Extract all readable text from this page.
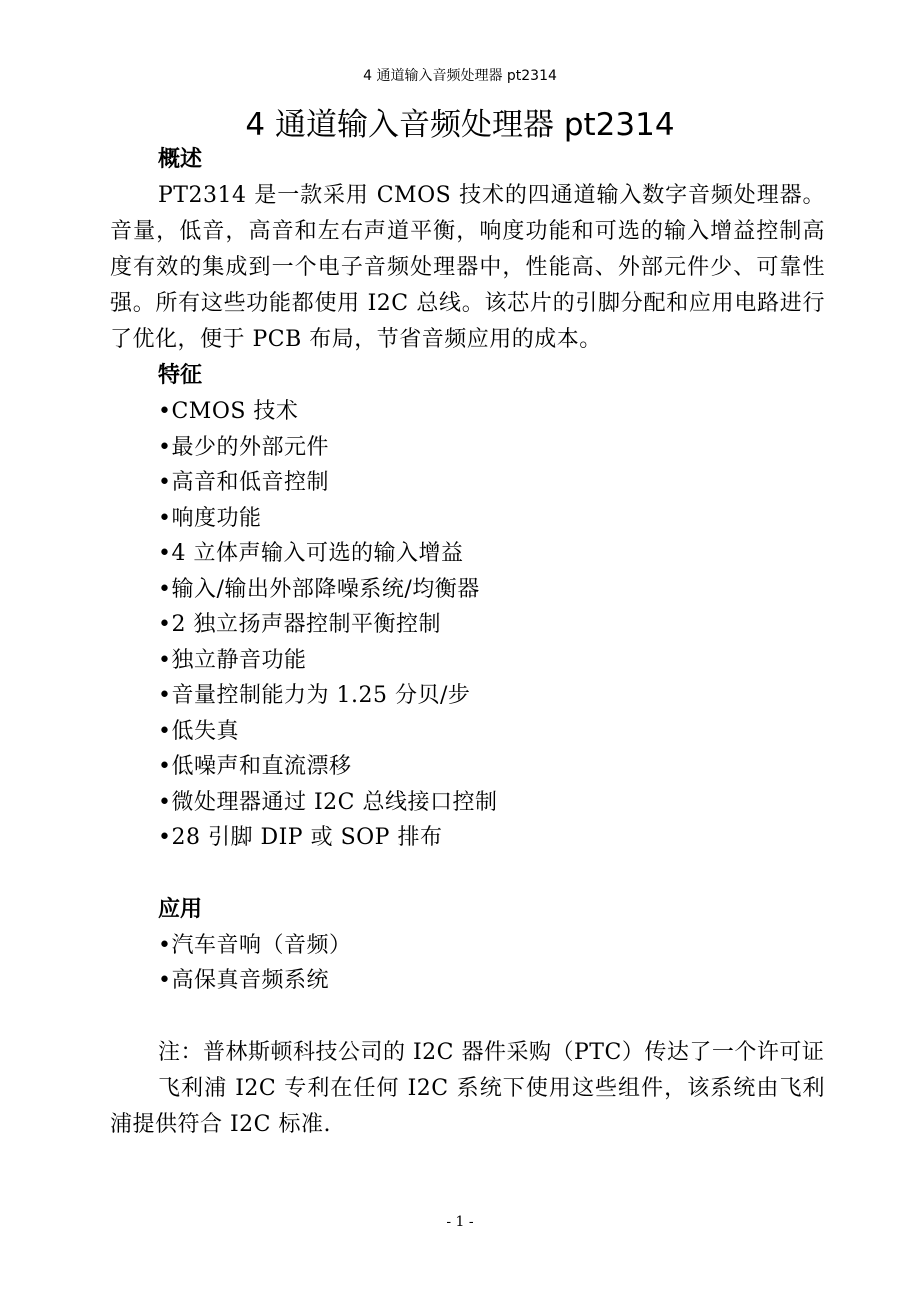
4 通道输入音频处理器 pt2314
4 通道输入音频处理器 pt2314
概述

PT2314 是一款采用 CMOS 技术的四通道输入数字音频处理器。音量，低音，高音和左右声道平衡，响度功能和可选的输入增益控制高度有效的集成到一个电子音频处理器中，性能高、外部元件少、可靠性强。所有这些功能都使用 I2C 总线。该芯片的引脚分配和应用电路进行了优化，便于 PCB 布局，节省音频应用的成本。

特征
•CMOS 技术
•最少的外部元件
•高音和低音控制
•响度功能
•4 立体声输入可选的输入增益
•输入/输出外部降噪系统/均衡器
•2 独立扬声器控制平衡控制
•独立静音功能
•音量控制能力为 1.25 分贝/步
•低失真
•低噪声和直流漂移
•微处理器通过 I2C 总线接口控制
•28 引脚 DIP 或 SOP 排布
应用
•汽车音响（音频）
•高保真音频系统

注：普林斯顿科技公司的 I2C 器件采购（PTC）传达了一个许可证

飞利浦 I2C 专利在任何 I2C 系统下使用这些组件，该系统由飞利浦提供符合 I2C 标准.

- 1 -
